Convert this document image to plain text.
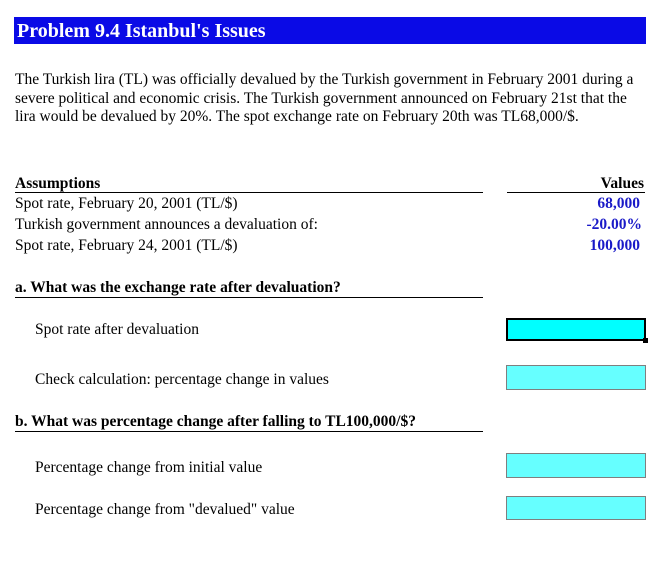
Problem 9.4 Istanbul's Issues
The Turkish lira (TL) was officially devalued by the Turkish government in February 2001 during a severe political and economic crisis. The Turkish government announced on February 21st that the lira would be devalued by 20%. The spot exchange rate on February 20th was TL68,000/$.
Assumptions	Values
Spot rate, February 20, 2001 (TL/$)	68,000
Turkish government announces a devaluation of:	-20.00%
Spot rate, February 24, 2001 (TL/$)	100,000
a. What was the exchange rate after devaluation?
Spot rate after devaluation
Check calculation: percentage change in values
b. What was percentage change after falling to TL100,000/$?
Percentage change from initial value
Percentage change from "devalued" value
